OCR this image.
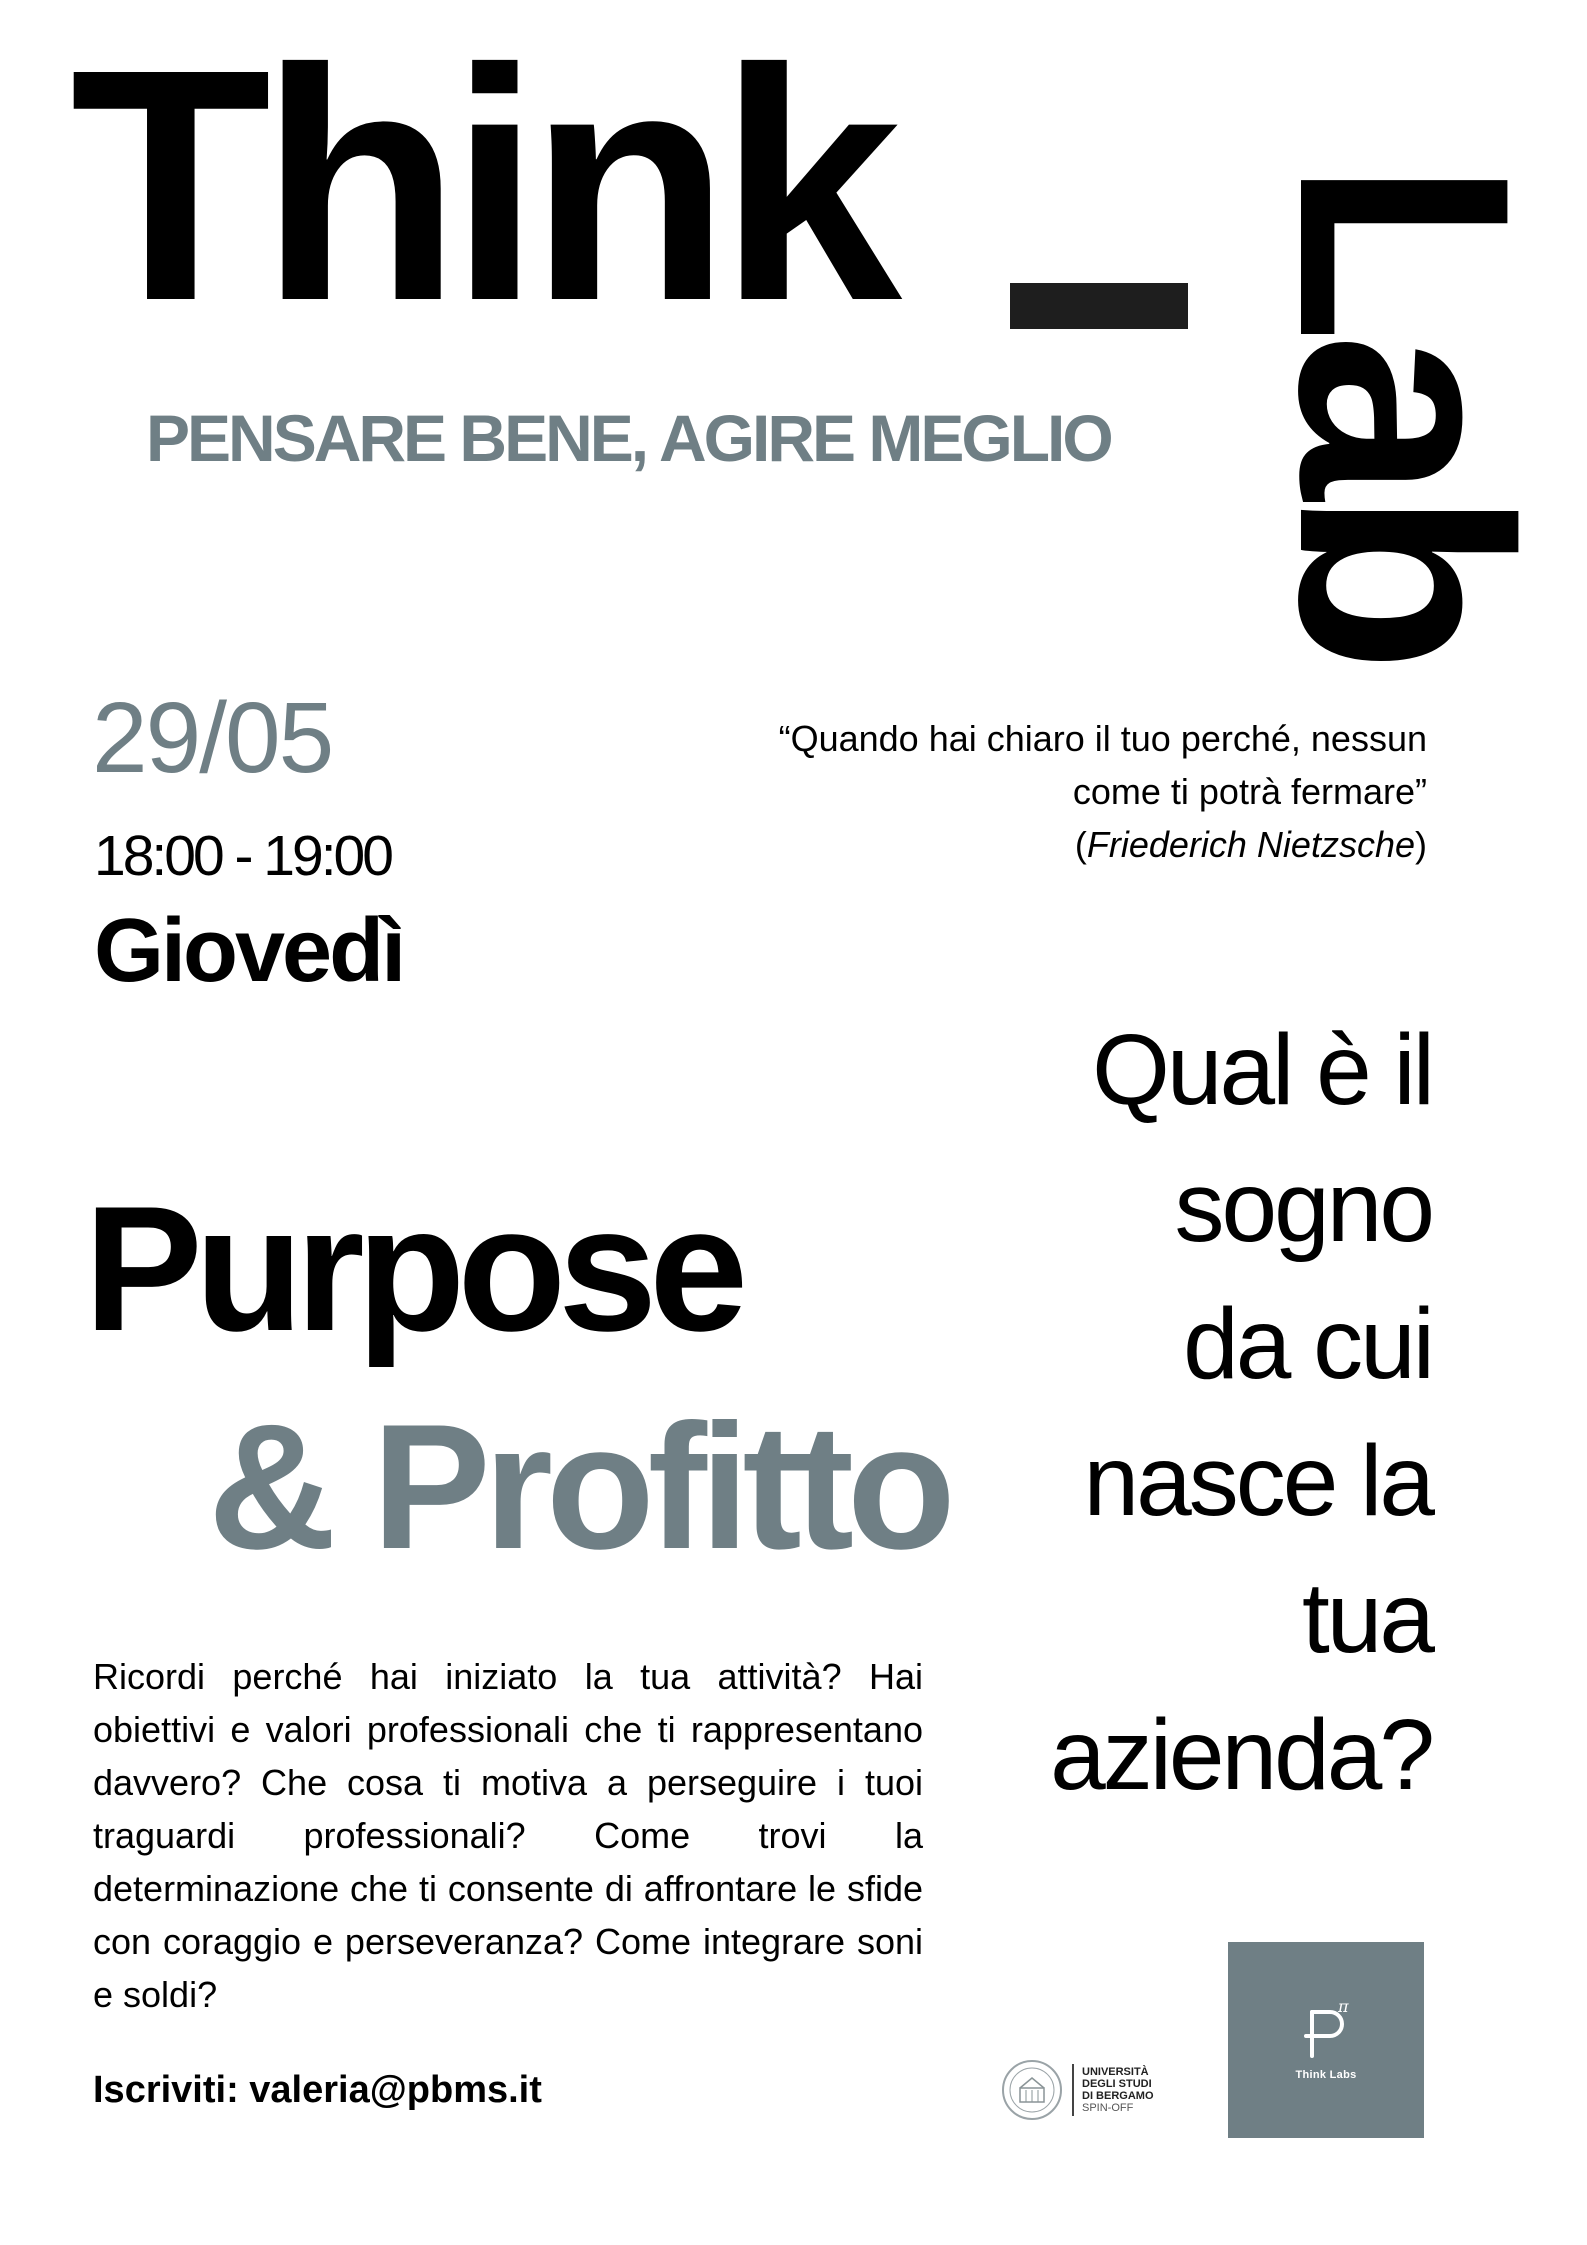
Think Lab
PENSARE BENE, AGIRE MEGLIO
29/05
18:00 - 19:00
Giovedì
“Quando hai chiaro il tuo perché, nessun
come ti potrà fermare”
(Friederich Nietzsche)
Purpose
& Profitto
Qual è il
sogno
da cui
nasce la
tua
azienda?

Ricordi perché hai iniziato la tua attività? Hai obiettivi e valori professionali che ti rappresentano davvero? Che cosa ti motiva a perseguire i tuoi traguardi professionali? Come trovi la determinazione che ti consente di affrontare le sfide con coraggio e perseveranza? Come integrare soni e soldi?

Iscriviti: valeria@pbms.it	UNIVERSITÀ
DEGLI STUDI
DI BERGAMO
SPIN-OFF
π
Think Labs
